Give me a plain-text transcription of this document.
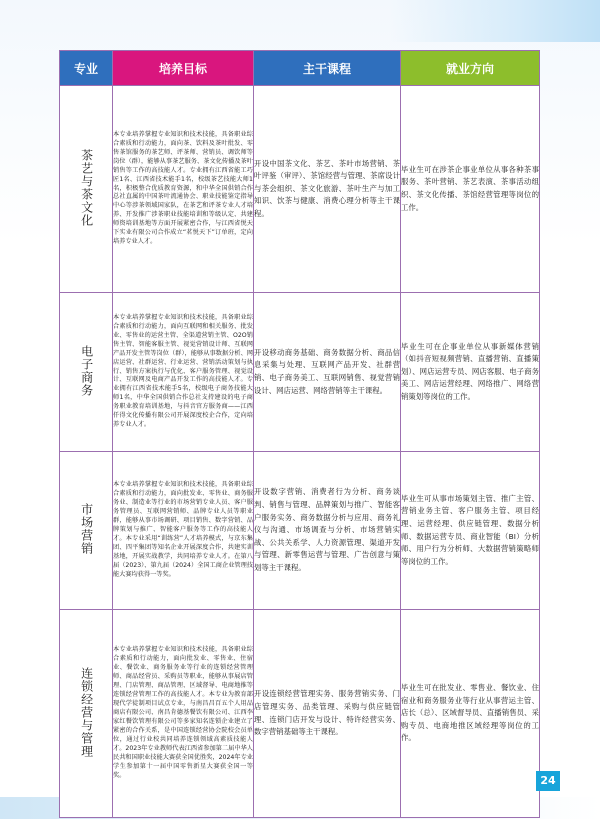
专业	培养目标	主干课程	就业方向
茶艺与茶文化	本专业培养掌握专业知识和技术技能，具备职业综合素质和行动能力，面向茶、饮料及茶叶批发、零售茶馆服务的茶艺师、评茶师、营销员、调饮师等岗位（群），能够从事茶艺服务、茶文化传播及茶叶销售等工作的高技能人才。专业拥有江西省能工巧匠1名、江西省技术能手1名，校级茶艺技能大师1名，积极整合优质教育资源，和中华全国供销合作总社直属的中国茶叶流通协会、职业技能鉴定指导中心等涉茶领域国家队，在茶艺和评茶专业人才培养、开发推广涉茶职业技能培训和等级认定、共建师资培训基地等方面开展紧密合作，与江西省悦天下实业有限公司合作成立“茗悦天下”订单班，定向培养专业人才。	开设中国茶文化、茶艺、茶叶市场营销、茶叶评鉴（审评）、茶馆经营与管理、茶席设计与茶会组织、茶文化旅游、茶叶生产与加工知识、饮茶与健康、消费心理分析等主干课程。	毕业生可在涉茶企事业单位从事各种茶事服务、茶叶营销、茶艺表演、茶事活动组织、茶文化传播、茶馆经营管理等岗位的工作。
电子商务	本专业培养掌握专业知识和技术技能，具备职业综合素质和行动能力，面向互联网和相关服务、批发业、零售业的运营主管、全渠道营销主管、O2O销售主管、智能客服主管、视觉营销设计师、互联网产品开发主管等岗位（群），能够从事数据分析、网店运营、社群运营、行业运营、营销活动策划与执行、销售方案执行与优化、客户服务管理、视觉设计、互联网及电商产品开发工作的高技能人才。专业拥有江西省技术能手5名，校级电子商务技能大师1名，中华全国供销合作总社支持建设的电子商务职业教育培训基地，与抖音官方服务商——江西仟得文化传播有限公司开展深度校企合作，定向培养专业人才。	开设移动商务基础、商务数据分析、商品信息采集与处理、互联网产品开发、社群营销、电子商务美工、互联网销售、视觉营销设计、网店运营、网络营销等主干课程。	毕业生可在企事业单位从事新媒体营销（如抖音短视频营销、直播营销、直播策划）、网店运营专员、网店客服、电子商务美工、网店运营经理、网络推广、网络营销策划等岗位的工作。
市场营销	本专业培养掌握专业知识和技术技能，具备职业综合素质和行动能力，面向批发业、零售业、商务服务业、制造业等行业的市场营销专业人员、客户服务管理员、互联网营销师、品牌专业人员等职业群，能够从事市场调研、项目销售、数字营销、品牌策划与推广、智能客户服务等工作的高技能人才。本专业采用“训练营”人才培养模式，与京东集团、四平集团等知名企业开展深度合作，共建实训基地，开展实战教学，共同培养专业人才。在第八届（2023）、第九届（2024）全国工商企业管理技能大赛均获得一等奖。	开设数字营销、消费者行为分析、商务谈判、销售与管理、品牌策划与推广、智能客户服务实务、商务数据分析与应用、商务礼仪与沟通、市场调查与分析、市场营销实战、公共关系学、人力资源管理、渠道开发与管理、新零售运营与管理、广告创意与策划等主干课程。	毕业生可从事市场策划主管、推广主管、营销业务主管、客户服务主管、项目经理、运营经理、供应链管理、数据分析师、数据运营专员、商业智能（BI）分析师、用户行为分析师、大数据营销策略师等岗位的工作。
连锁经营与管理	本专业培养掌握专业知识和技术技能，具备职业综合素质和行动能力，面向批发业、零售业、住宿业、餐饮业、商务服务业等行业的连锁经营管理师、商品经营员、采购员等职业，能够从事展店管理、门店管理、商品管理、区域督导、电商地推等连锁经营管理工作的高技能人才。本专业为教育部现代学徒制项目试点专业，与南昌昌百五个人用品商店有限公司、南昌肯德基餐饮有限公司、江西李家红餐饮管理有限公司等多家知名连锁企业建立了紧密的合作关系，是中国连锁经营协会院校会员单位，通过行业校共同培养连锁领域高素质技能人才。2023年专业教师代表江西省参加第二届中华人民共和国职业技能大赛获全国优胜奖，2024年专业学生参加第十一届中国零售新星大赛获全国一等奖。	开设连锁经营管理实务、服务营销实务、门店管理实务、品类管理、采购与供应链管理、连锁门店开发与设计、特许经营实务、数字营销基础等主干课程。	毕业生可在批发业、零售业、餐饮业、住宿业和商务服务业等行业从事营运主管、店长（总）、区域督导员、直播销售员、采购专员、电商地推区域经理等岗位的工作。
24
